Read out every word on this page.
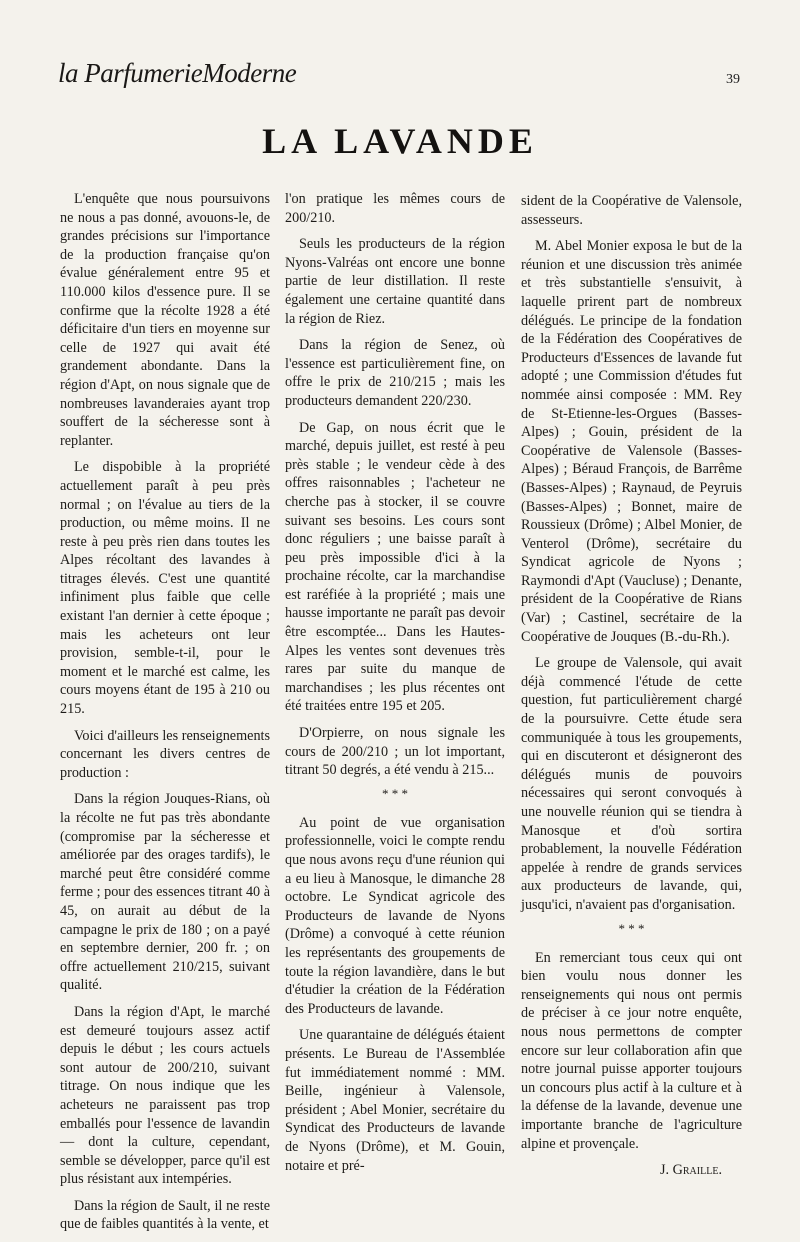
la ParfumerieModerne	39
LA LAVANDE

L'enquête que nous poursuivons ne nous a pas donné, avouons-le, de grandes précisions sur l'importance de la production française qu'on évalue généralement entre 95 et 110.000 kilos d'essence pure. Il se confirme que la récolte 1928 a été déficitaire d'un tiers en moyenne sur celle de 1927 qui avait été grandement abondante. Dans la région d'Apt, on nous signale que de nombreuses lavanderaies ayant trop souffert de la sécheresse sont à replanter.

Le dispobible à la propriété actuellement paraît à peu près normal ; on l'évalue au tiers de la production, ou même moins. Il ne reste à peu près rien dans toutes les Alpes récoltant des lavandes à titrages élevés. C'est une quantité infiniment plus faible que celle existant l'an dernier à cette époque ; mais les acheteurs ont leur provision, semble-t-il, pour le moment et le marché est calme, les cours moyens étant de 195 à 210 ou 215.

Voici d'ailleurs les renseignements concernant les divers centres de production :

Dans la région Jouques-Rians, où la récolte ne fut pas très abondante (compromise par la sécheresse et améliorée par des orages tardifs), le marché peut être considéré comme ferme ; pour des essences titrant 40 à 45, on aurait au début de la campagne le prix de 180 ; on a payé en septembre dernier, 200 fr. ; on offre actuellement 210/215, suivant qualité.

Dans la région d'Apt, le marché est demeuré toujours assez actif depuis le début ; les cours actuels sont autour de 200/210, suivant titrage. On nous indique que les acheteurs ne paraissent pas trop emballés pour l'essence de lavandin — dont la culture, cependant, semble se développer, parce qu'il est plus résistant aux intempéries.

Dans la région de Sault, il ne reste que de faibles quantités à la vente, et

l'on pratique les mêmes cours de 200/210.

Seuls les producteurs de la région Nyons-Valréas ont encore une bonne partie de leur distillation. Il reste également une certaine quantité dans la région de Riez.

Dans la région de Senez, où l'essence est particulièrement fine, on offre le prix de 210/215 ; mais les producteurs demandent 220/230.

De Gap, on nous écrit que le marché, depuis juillet, est resté à peu près stable ; le vendeur cède à des offres raisonnables ; l'acheteur ne cherche pas à stocker, il se couvre suivant ses besoins. Les cours sont donc réguliers ; une baisse paraît à peu près impossible d'ici à la prochaine récolte, car la marchandise est raréfiée à la propriété ; mais une hausse importante ne paraît pas devoir être escomptée... Dans les Hautes-Alpes les ventes sont devenues très rares par suite du manque de marchandises ; les plus récentes ont été traitées entre 195 et 205.

D'Orpierre, on nous signale les cours de 200/210 ; un lot important, titrant 50 degrés, a été vendu à 215...

* * *

Au point de vue organisation professionnelle, voici le compte rendu que nous avons reçu d'une réunion qui a eu lieu à Manosque, le dimanche 28 octobre. Le Syndicat agricole des Producteurs de lavande de Nyons (Drôme) a convoqué à cette réunion les représentants des groupements de toute la région lavandière, dans le but d'étudier la création de la Fédération des Producteurs de lavande.

Une quarantaine de délégués étaient présents. Le Bureau de l'Assemblée fut immédiatement nommé : MM. Beille, ingénieur à Valensole, président ; Abel Monier, secrétaire du Syndicat des Producteurs de lavande de Nyons (Drôme), et M. Gouin, notaire et pré-

sident de la Coopérative de Valensole, assesseurs.

M. Abel Monier exposa le but de la réunion et une discussion très animée et très substantielle s'ensuivit, à laquelle prirent part de nombreux délégués. Le principe de la fondation de la Fédération des Coopératives de Producteurs d'Essences de lavande fut adopté ; une Commission d'études fut nommée ainsi composée : MM. Rey de St-Etienne-les-Orgues (Basses-Alpes) ; Gouin, président de la Coopérative de Valensole (Basses-Alpes) ; Béraud François, de Barrême (Basses-Alpes) ; Raynaud, de Peyruis (Basses-Alpes) ; Bonnet, maire de Roussieux (Drôme) ; Albel Monier, de Venterol (Drôme), secrétaire du Syndicat agricole de Nyons ; Raymondi d'Apt (Vaucluse) ; Denante, président de la Coopérative de Rians (Var) ; Castinel, secrétaire de la Coopérative de Jouques (B.-du-Rh.).

Le groupe de Valensole, qui avait déjà commencé l'étude de cette question, fut particulièrement chargé de la poursuivre. Cette étude sera communiquée à tous les groupements, qui en discuteront et désigneront des délégués munis de pouvoirs nécessaires qui seront convoqués à une nouvelle réunion qui se tiendra à Manosque et d'où sortira probablement, la nouvelle Fédération appelée à rendre de grands services aux producteurs de lavande, qui, jusqu'ici, n'avaient pas d'organisation.

* * *

En remerciant tous ceux qui ont bien voulu nous donner les renseignements qui nous ont permis de préciser à ce jour notre enquête, nous nous permettons de compter encore sur leur collaboration afin que notre journal puisse apporter toujours un concours plus actif à la culture et à la défense de la lavande, devenue une importante branche de l'agriculture alpine et provençale.

J. Graille.
